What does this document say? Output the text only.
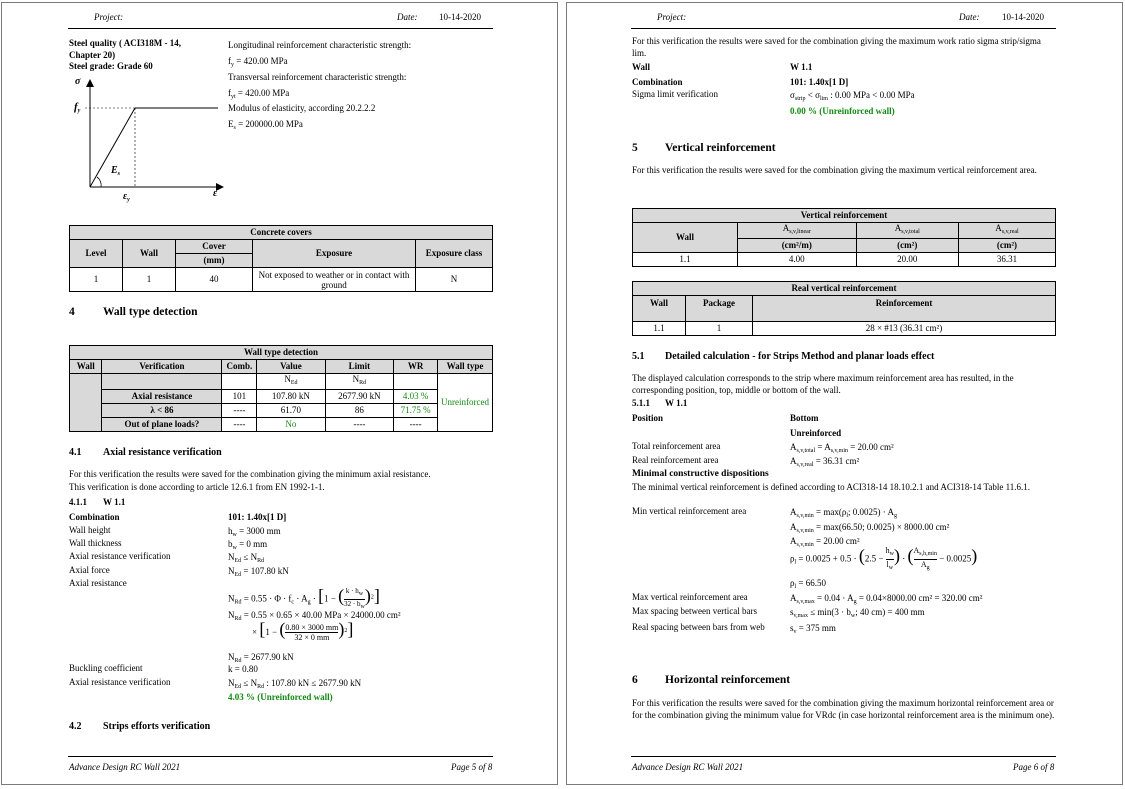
Project:	Date: 10-14-2020
Steel quality ( ACI318M - 14, Chapter 20)
Steel grade: Grade 60
Longitudinal reinforcement characteristic strength:
$f_y = 420.00$ MPa
Transversal reinforcement characteristic strength:
$f_{yt} = 420.00$ MPa
Modulus of elasticity, according 20.2.2.2
$E_s = 200000.00$ MPa
σ
$f_y$
$E_s$
$\varepsilon_y$
ε
Concrete covers				
Level	Wall	Cover	Exposure	Exposure class
		(mm)		
1	1	40	Not exposed to weather or in contact with ground	N
4 Wall type detection
Wall type detection						
Wall	Verification	Comb.	Value	Limit	WR	Wall type
			$N_{Ed}$	$N_{Rd}$		Unreinforced
	Axial resistance	101	107.80 kN	2677.90 kN	4.03 %	
	λ < 86	----	61.70	86	71.75 %	
	Out of plane loads?	----	No	----	----	
4.1 Axial resistance verification
For this verification the results were saved for the combination giving the minimum axial resistance.
This verification is done according to article 12.6.1 from EN 1992-1-1.
4.1.1 W 1.1
Combination	101: 1.40x[1 D]
Wall height	$h_w = 3000$ mm
Wall thickness	$b_w = 0$ mm
Axial resistance verification	$N_{Ed} \le N_{Rd}$
Axial force	$N_{Ed} = 107.80$ kN
Axial resistance
$N_{Rd} = 0.55 \cdot \Phi \cdot f_c \cdot A_g \cdot [1$ − ( $\frac{k \cdot hw}{32 \cdot bw} )^2$]
$N_{Rd} = 0.55 \times 0.65 \times 40.00$ MPa × 24000.00 cm²
× [1 − ( $\frac{0.80 \times 3000 mm}{32 \times 0 mm} )^2$]
$N_{Rd} = 2677.90$ kN
Buckling coefficient	k = 0.80
Axial resistance verification	$N_{Ed} \le N_{Rd}$ : 107.80 kN ≤ 2677.90 kN
4.03 % (Unreinforced wall)
4.2 Strips efforts verification
Advance Design RC Wall 2021	Page 5 of 8
Project:	Date:	10-14-2020
For this verification the results were saved for the combination giving the maximum work ratio sigma strip/sigma lim.
Wall	W 1.1
Combination	101: 1.40x[1 D]
Sigma limit verification	$\sigma_{strip} < \sigma_{lim}$ : 0.00 MPa < 0.00 MPa
0.00 % (Unreinforced wall)
5 Vertical reinforcement
For this verification the results were saved for the combination giving the maximum vertical reinforcement area.
Vertical reinforcement			
Wall	$A_{s,v,linear}$	$A_{s,v,total}$	$A_{s,v,real}$
	(cm²/m)	(cm²)	(cm²)
1.1	4.00	20.00	36.31
Real vertical reinforcement		
Wall	Package	Reinforcement
1.1	1	28 × #13 (36.31 cm²)
5.1 Detailed calculation - for Strips Method and planar loads effect
The displayed calculation corresponds to the strip where maximum reinforcement area has resulted, in the corresponding position, top, middle or bottom of the wall.
5.1.1 W 1.1
Position	Bottom
Unreinforced
Total reinforcement area	$A_{s,v,total} = A_{s,v,min} = 20.00$ cm²
Real reinforcement area	$A_{s,v,real} = 36.31$ cm²
Minimal constructive dispositions
The minimal vertical reinforcement is defined according to ACI318-14 18.10.2.1 and ACI318-14 Table 11.6.1.
Min vertical reinforcement area	$A_{s,v,min} = \max(\rho_l$; $0.0025) \cdot A_g$
$A_{s,v,min} = \max(66.50$; 0.0025) × 8000.00 cm²
$A_{s,v,min} = 20.00$ cm²
$\rho_l = 0.0025 + 0.5 \cdot (2.5 - \frac{h_w}{l_w}$ ) · ( $A_{s,h,min}$
$A_g$
− 0.0025)
$\rho_l = 66.50$
Max vertical reinforcement area	$A_{s,v,max} = 0.04 \cdot A_g = 0.04\times 8000.00$ cm² = 320.00 cm²
Max spacing between vertical bars	$s_{v,max} \le \min(3 \cdot b_w$; 40 cm) = 400 mm
Real spacing between bars from web	$s_v = 375$ mm
6 Horizontal reinforcement
For this verification the results were saved for the combination giving the maximum horizontal reinforcement area or for the combination giving the minimum value for VRdc (in case horizontal reinforcement area is the minimum one).
Advance Design RC Wall 2021	Page 6 of 8
